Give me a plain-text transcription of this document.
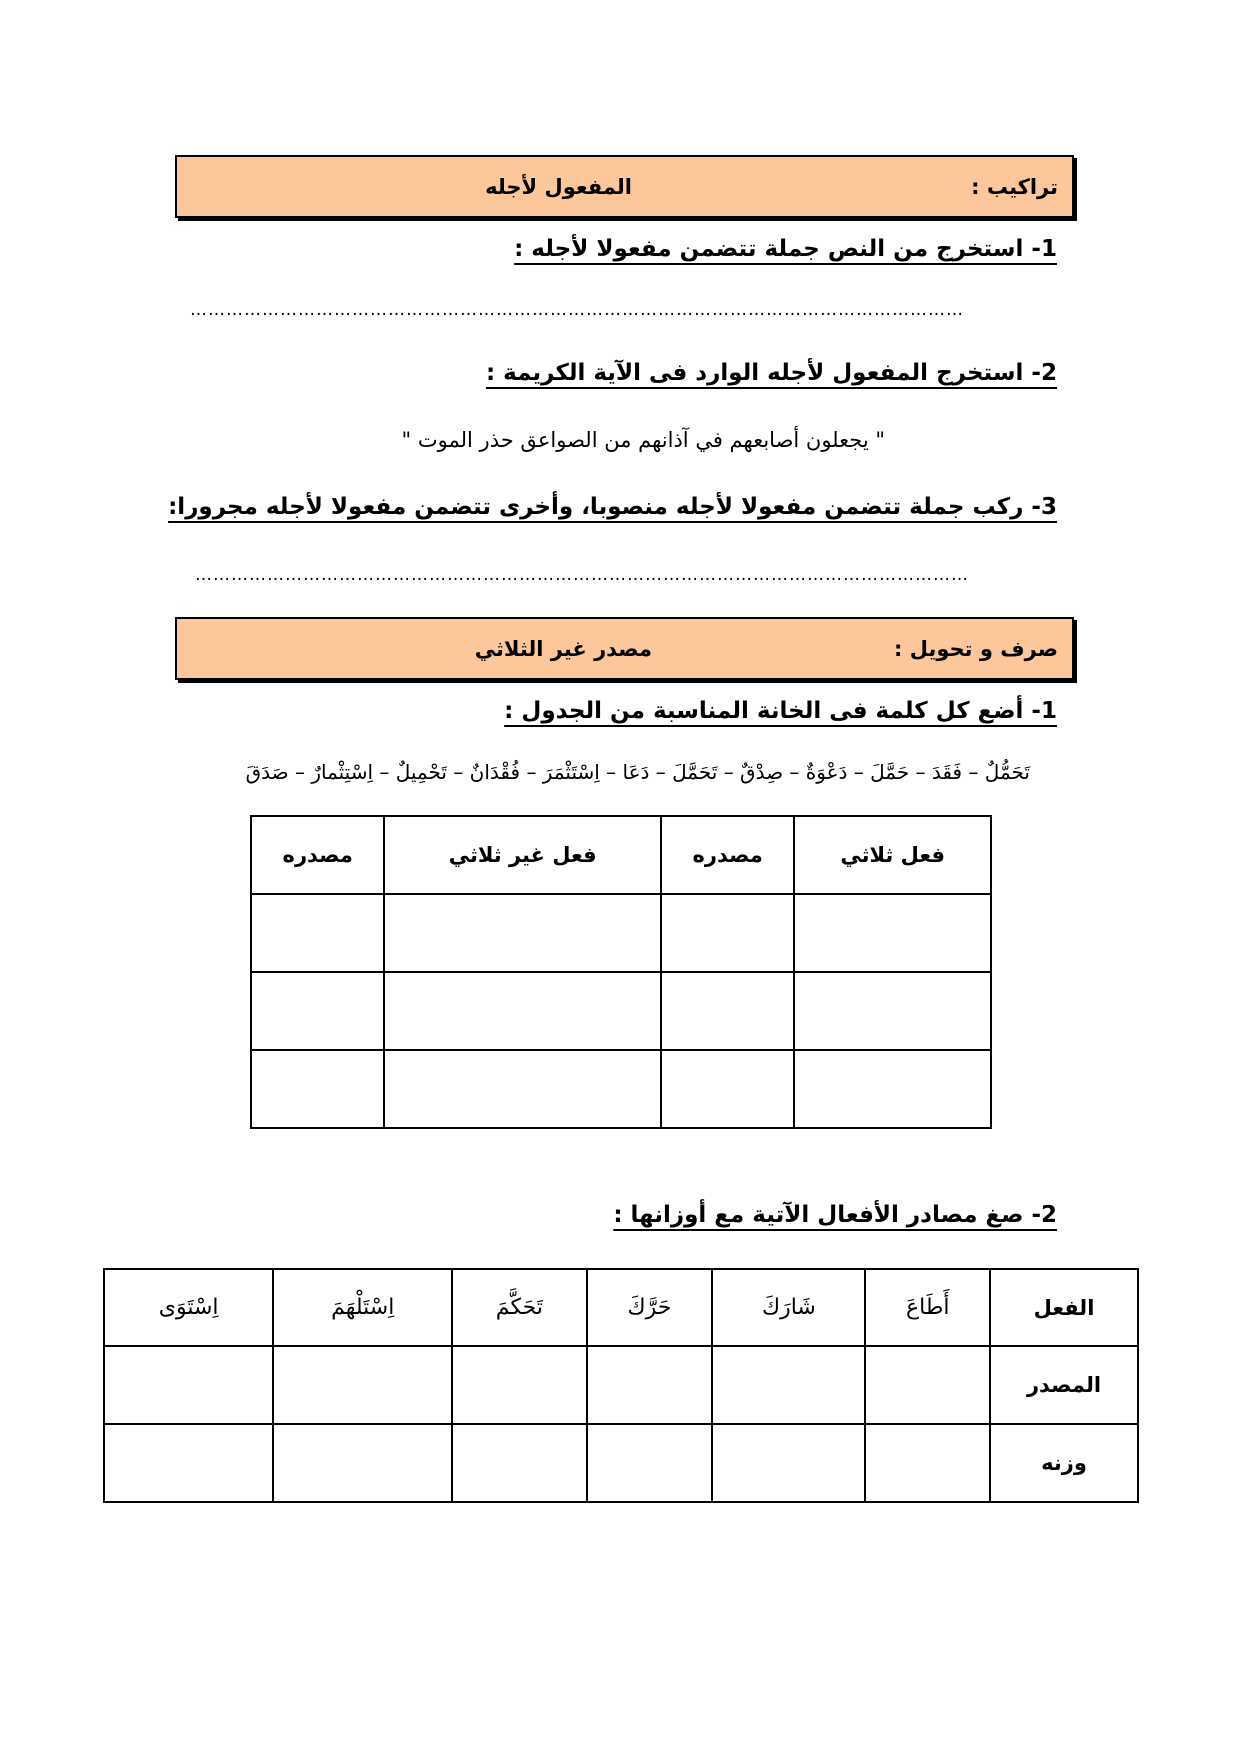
تراكيب :
المفعول لأجله
1- استخرج من النص جملة تتضمن مفعولا لأجله :
…………………………………………………………………………………………………………………
2- استخرج المفعول لأجله الوارد فى الآية الكريمة :
" يجعلون أصابعهم في آذانهم من الصواعق حذر الموت "
3- ركب جملة تتضمن مفعولا لأجله منصوبا، وأخرى تتضمن مفعولا لأجله مجرورا:
…………………………………………………………………………………………………………………
صرف و تحويل :
مصدر غير الثلاثي
1- أضع كل كلمة فى الخانة المناسبة من الجدول :
تَحَمُّلٌ – فَقَدَ – حَمَّلَ – دَعْوَةٌ – صِدْقٌ – تَحَمَّلَ – دَعَا – اِسْتَثْمَرَ – فُقْدَانٌ – تَحْمِيلٌ – اِسْتِثْمارٌ – صَدَقَ
فعل ثلاثي	مصدره	فعل غير ثلاثي	مصدره

2- صغ مصادر الأفعال الآتية مع أوزانها :
الفعل	أَطَاعَ	شَارَكَ	حَرَّكَ	تَحَكَّمَ	اِسْتَلْهَمَ	اِسْتَوَى
المصدر						
وزنه						
